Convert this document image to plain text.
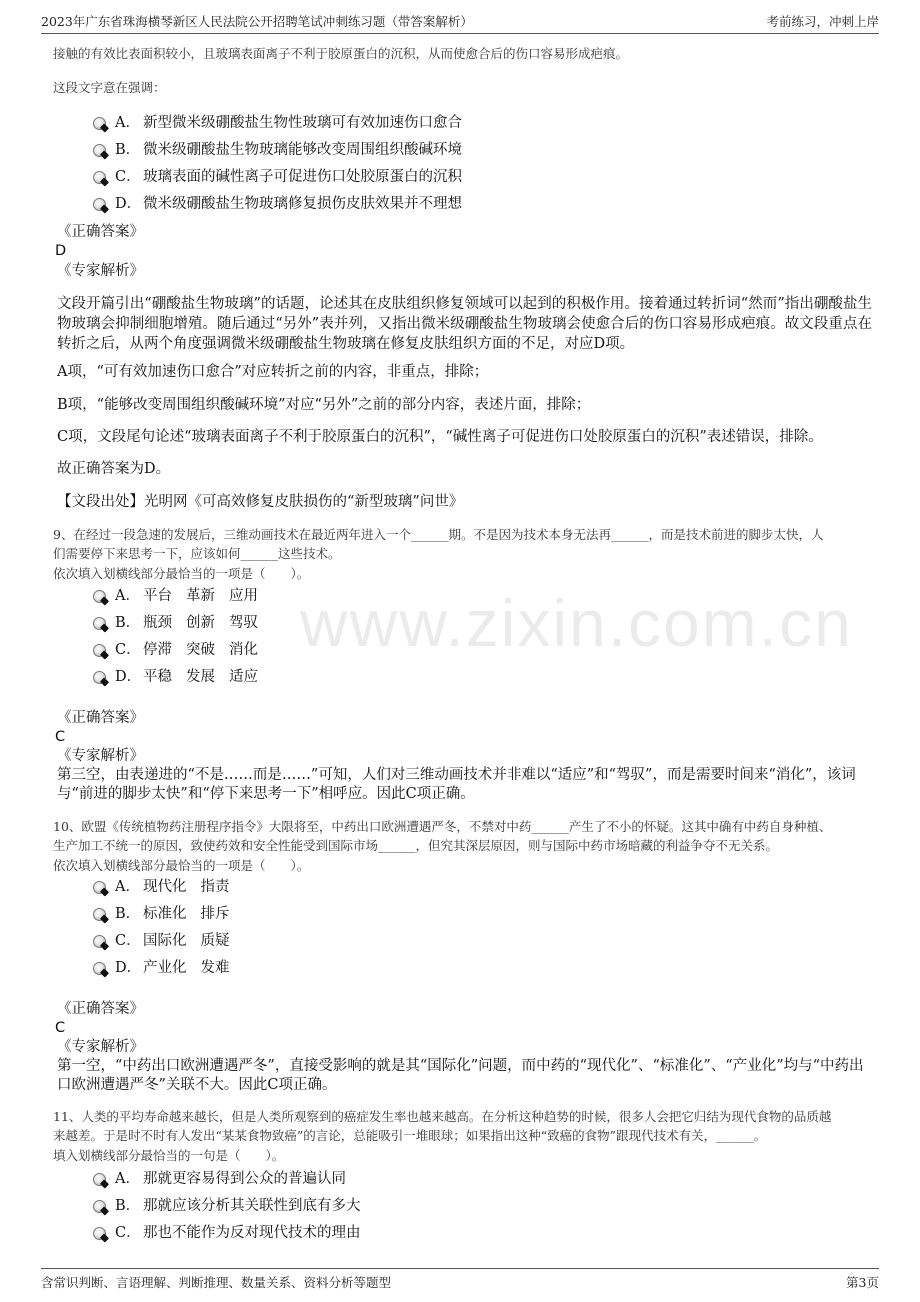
2023年广东省珠海横琴新区人民法院公开招聘笔试冲刺练习题（带答案解析）	考前练习，冲刺上岸
www.zixin.com.cn
接触的有效比表面积较小，且玻璃表面离子不利于胶原蛋白的沉积，从而使愈合后的伤口容易形成疤痕。
这段文字意在强调：
A． 新型微米级硼酸盐生物性玻璃可有效加速伤口愈合
B． 微米级硼酸盐生物玻璃能够改变周围组织酸碱环境
C． 玻璃表面的碱性离子可促进伤口处胶原蛋白的沉积
D． 微米级硼酸盐生物玻璃修复损伤皮肤效果并不理想
《正确答案》
D
《专家解析》
文段开篇引出“硼酸盐生物玻璃”的话题，论述其在皮肤组织修复领域可以起到的积极作用。接着通过转折词“然而”指出硼酸盐生物玻璃会抑制细胞增殖。随后通过“另外”表并列，又指出微米级硼酸盐生物玻璃会使愈合后的伤口容易形成疤痕。故文段重点在转折之后，从两个角度强调微米级硼酸盐生物玻璃在修复皮肤组织方面的不足，对应D项。
A项，“可有效加速伤口愈合”对应转折之前的内容，非重点，排除；
B项，“能够改变周围组织酸碱环境”对应“另外”之前的部分内容，表述片面，排除；
C项，文段尾句论述“玻璃表面离子不利于胶原蛋白的沉积”，“碱性离子可促进伤口处胶原蛋白的沉积”表述错误，排除。
故正确答案为D。
【文段出处】光明网《可高效修复皮肤损伤的“新型玻璃”问世》
9、在经过一段急速的发展后，三维动画技术在最近两年进入一个______期。不是因为技术本身无法再______，而是技术前进的脚步太快，人
们需要停下来思考一下，应该如何______这些技术。
依次填入划横线部分最恰当的一项是（　　）。
A． 平台 革新 应用
B． 瓶颈 创新 驾驭
C． 停滞 突破 消化
D． 平稳 发展 适应
《正确答案》
C
《专家解析》
第三空，由表递进的“不是……而是……”可知，人们对三维动画技术并非难以“适应”和“驾驭”，而是需要时间来“消化”，该词
与“前进的脚步太快”和“停下来思考一下”相呼应。因此C项正确。
10、欧盟《传统植物药注册程序指令》大限将至，中药出口欧洲遭遇严冬，不禁对中药______产生了不小的怀疑。这其中确有中药自身种植、
生产加工不统一的原因，致使药效和安全性能受到国际市场______，但究其深层原因，则与国际中药市场暗藏的利益争夺不无关系。
依次填入划横线部分最恰当的一项是（　　）。
A． 现代化 指责
B． 标准化 排斥
C． 国际化 质疑
D． 产业化 发难
《正确答案》
C
《专家解析》
第一空，“中药出口欧洲遭遇严冬”，直接受影响的就是其“国际化”问题，而中药的“现代化”、“标准化”、“产业化”均与“中药出
口欧洲遭遇严冬”关联不大。因此C项正确。
11、人类的平均寿命越来越长，但是人类所观察到的癌症发生率也越来越高。在分析这种趋势的时候，很多人会把它归结为现代食物的品质越
来越差。于是时不时有人发出“某某食物致癌”的言论，总能吸引一堆眼球；如果指出这种“致癌的食物”跟现代技术有关，______。
填入划横线部分最恰当的一句是（　　）。
A． 那就更容易得到公众的普遍认同
B． 那就应该分析其关联性到底有多大
C． 那也不能作为反对现代技术的理由
含常识判断、言语理解、判断推理、数量关系、资料分析等题型	第3页
